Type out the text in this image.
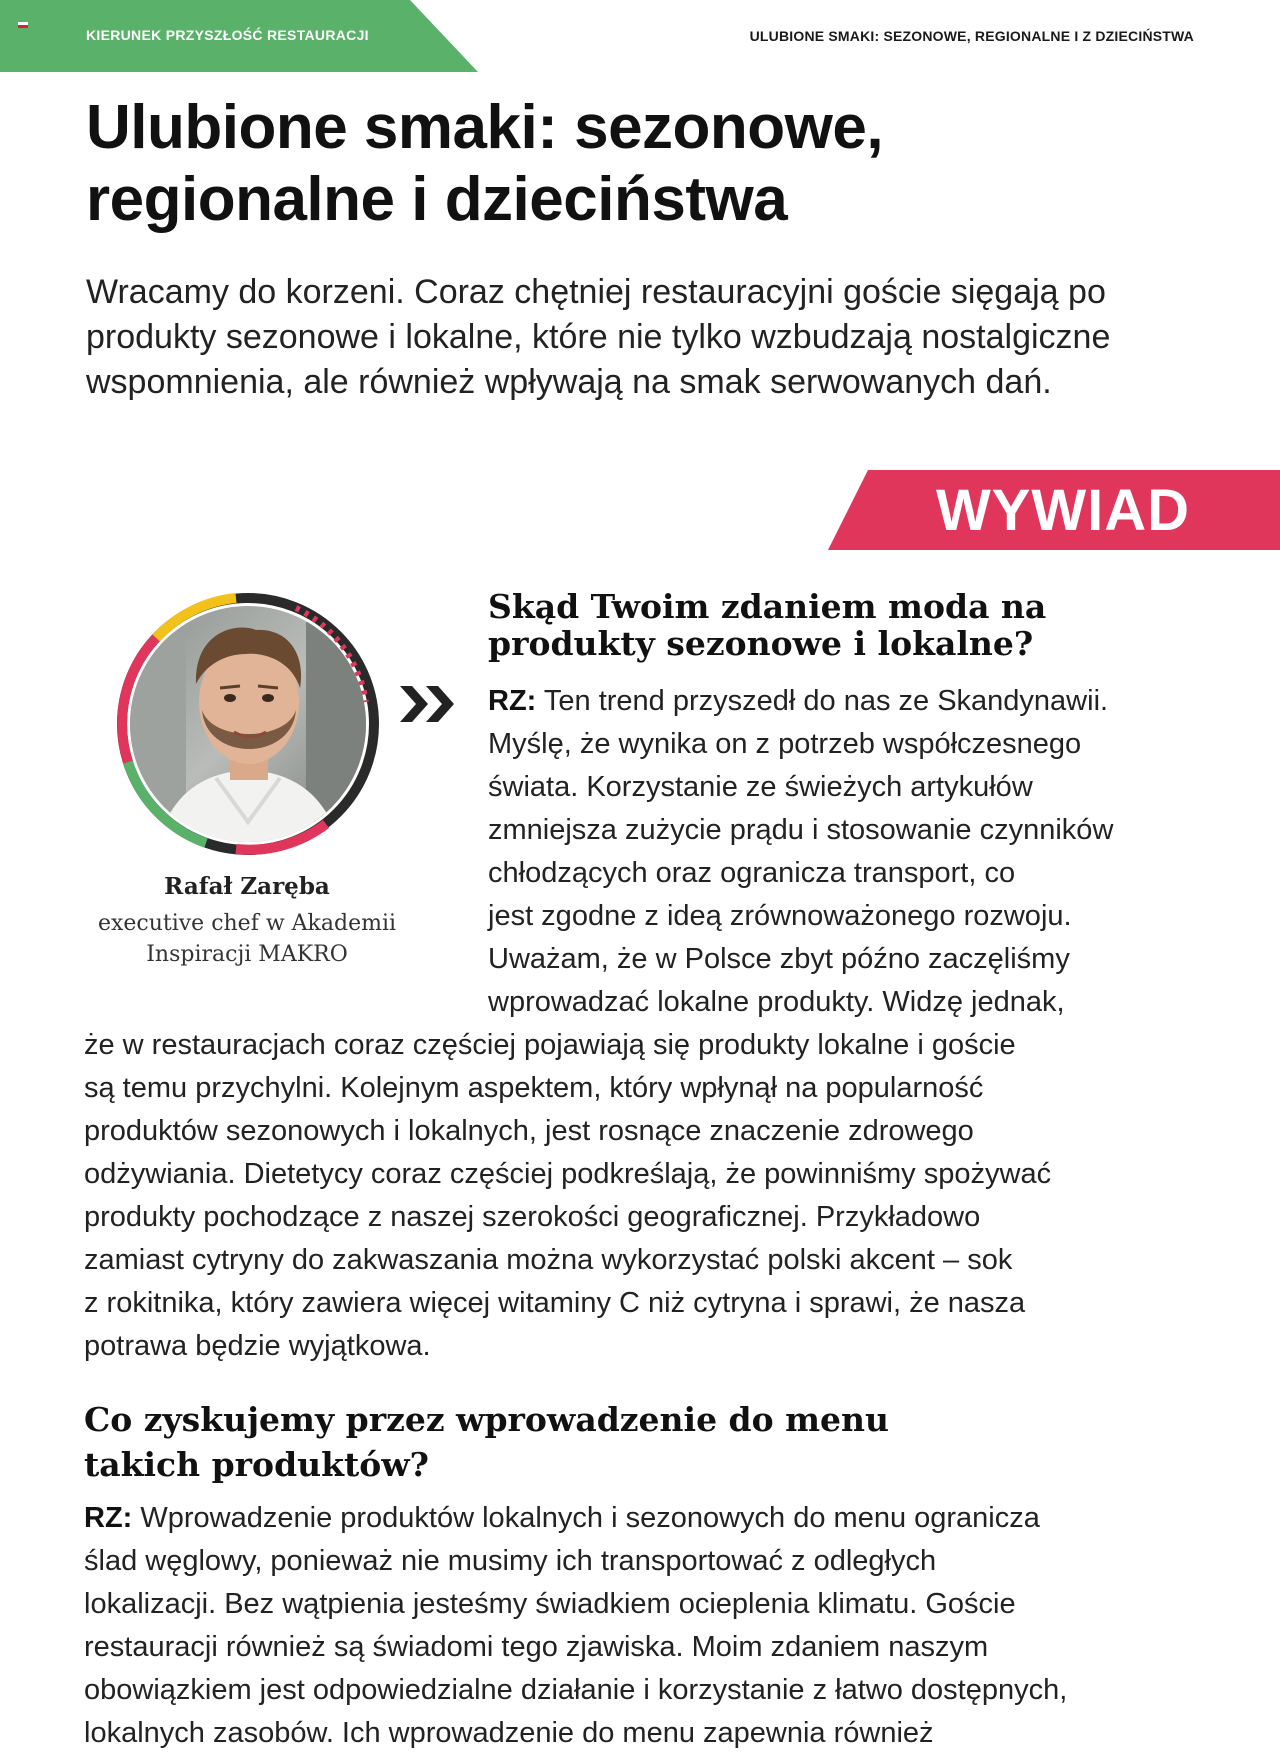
KIERUNEK PRZYSZŁOŚĆ RESTAURACJI	ULUBIONE SMAKI: SEZONOWE, REGIONALNE I Z DZIECIŃSTWA
Ulubione smaki: sezonowe,
regionalne i dzieciństwa

Wracamy do korzeni. Coraz chętniej restauracyjni goście sięgają po produkty sezonowe i lokalne, które nie tylko wzbudzają nostalgiczne wspomnienia, ale również wpływają na smak serwowanych dań.

WYWIAD
Rafał Zaręba
executive chef w Akademii Inspiracji MAKRO
Skąd Twoim zdaniem moda na
produkty sezonowe i lokalne?

RZ: Ten trend przyszedł do nas ze Skandynawii.
Myślę, że wynika on z potrzeb współczesnego
świata. Korzystanie ze świeżych artykułów
zmniejsza zużycie prądu i stosowanie czynników
chłodzących oraz ogranicza transport, co
jest zgodne z ideą zrównoważonego rozwoju.
Uważam, że w Polsce zbyt późno zaczęliśmy
wprowadzać lokalne produkty. Widzę jednak,

że w restauracjach coraz częściej pojawiają się produkty lokalne i goście
są temu przychylni. Kolejnym aspektem, który wpłynął na popularność
produktów sezonowych i lokalnych, jest rosnące znaczenie zdrowego
odżywiania. Dietetycy coraz częściej podkreślają, że powinniśmy spożywać
produkty pochodzące z naszej szerokości geograficznej. Przykładowo
zamiast cytryny do zakwaszania można wykorzystać polski akcent – sok
z rokitnika, który zawiera więcej witaminy C niż cytryna i sprawi, że nasza
potrawa będzie wyjątkowa.

Co zyskujemy przez wprowadzenie do menu
takich produktów?

RZ: Wprowadzenie produktów lokalnych i sezonowych do menu ogranicza
ślad węglowy, ponieważ nie musimy ich transportować z odległych
lokalizacji. Bez wątpienia jesteśmy świadkiem ocieplenia klimatu. Goście
restauracji również są świadomi tego zjawiska. Moim zdaniem naszym
obowiązkiem jest odpowiedzialne działanie i korzystanie z łatwo dostępnych,
lokalnych zasobów. Ich wprowadzenie do menu zapewnia również
